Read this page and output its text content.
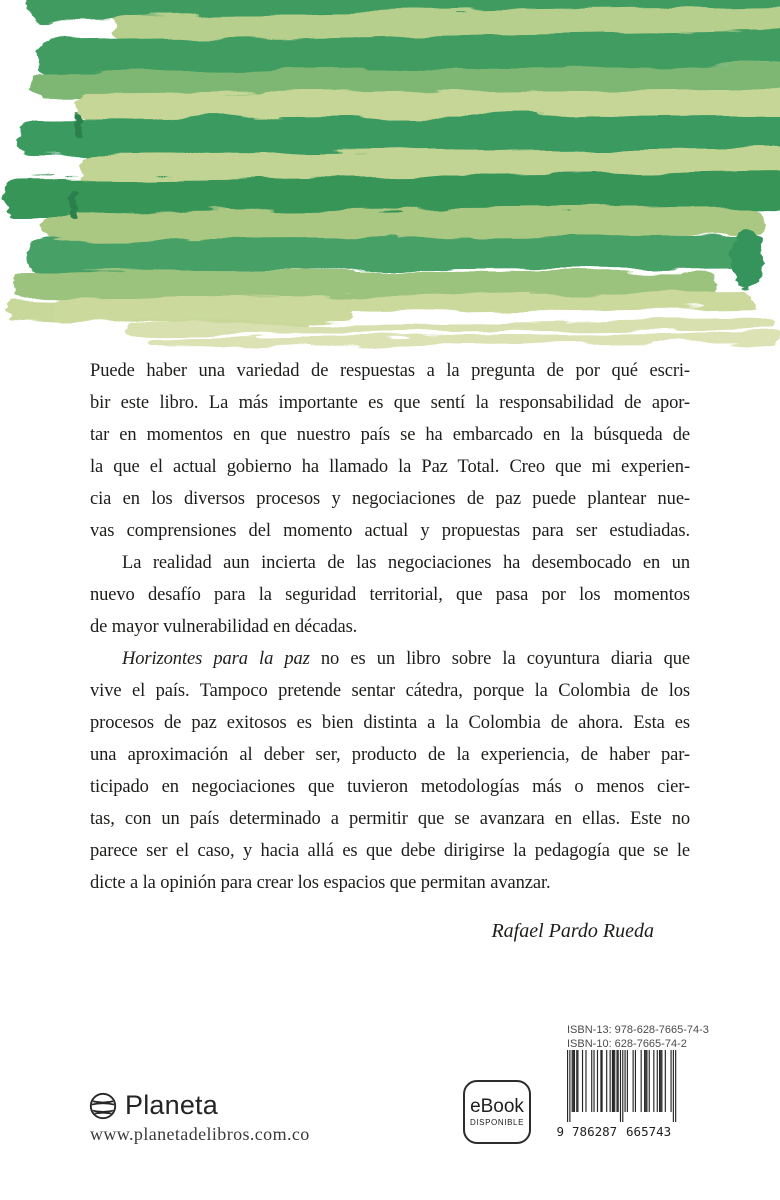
Puede haber una variedad de respuestas a la pregunta de por qué escri-
bir este libro. La más importante es que sentí la responsabilidad de apor-
tar en momentos en que nuestro país se ha embarcado en la búsqueda de
la que el actual gobierno ha llamado la Paz Total. Creo que mi experien-
cia en los diversos procesos y negociaciones de paz puede plantear nue-
vas comprensiones del momento actual y propuestas para ser estudiadas.
La realidad aun incierta de las negociaciones ha desembocado en un
nuevo desafío para la seguridad territorial, que pasa por los momentos
de mayor vulnerabilidad en décadas.
Horizontes para la paz no es un libro sobre la coyuntura diaria que
vive el país. Tampoco pretende sentar cátedra, porque la Colombia de los
procesos de paz exitosos es bien distinta a la Colombia de ahora. Esta es
una aproximación al deber ser, producto de la experiencia, de haber par-
ticipado en negociaciones que tuvieron metodologías más o menos cier-
tas, con un país determinado a permitir que se avanzara en ellas. Este no
parece ser el caso, y hacia allá es que debe dirigirse la pedagogía que se le
dicte a la opinión para crear los espacios que permitan avanzar.
Rafael Pardo Rueda
Planeta
www.planetadelibros.com.co
eBook
DISPONIBLE
ISBN-13: 978-628-7665-74-3
ISBN-10: 628-7665-74-2
9 786287 665743
